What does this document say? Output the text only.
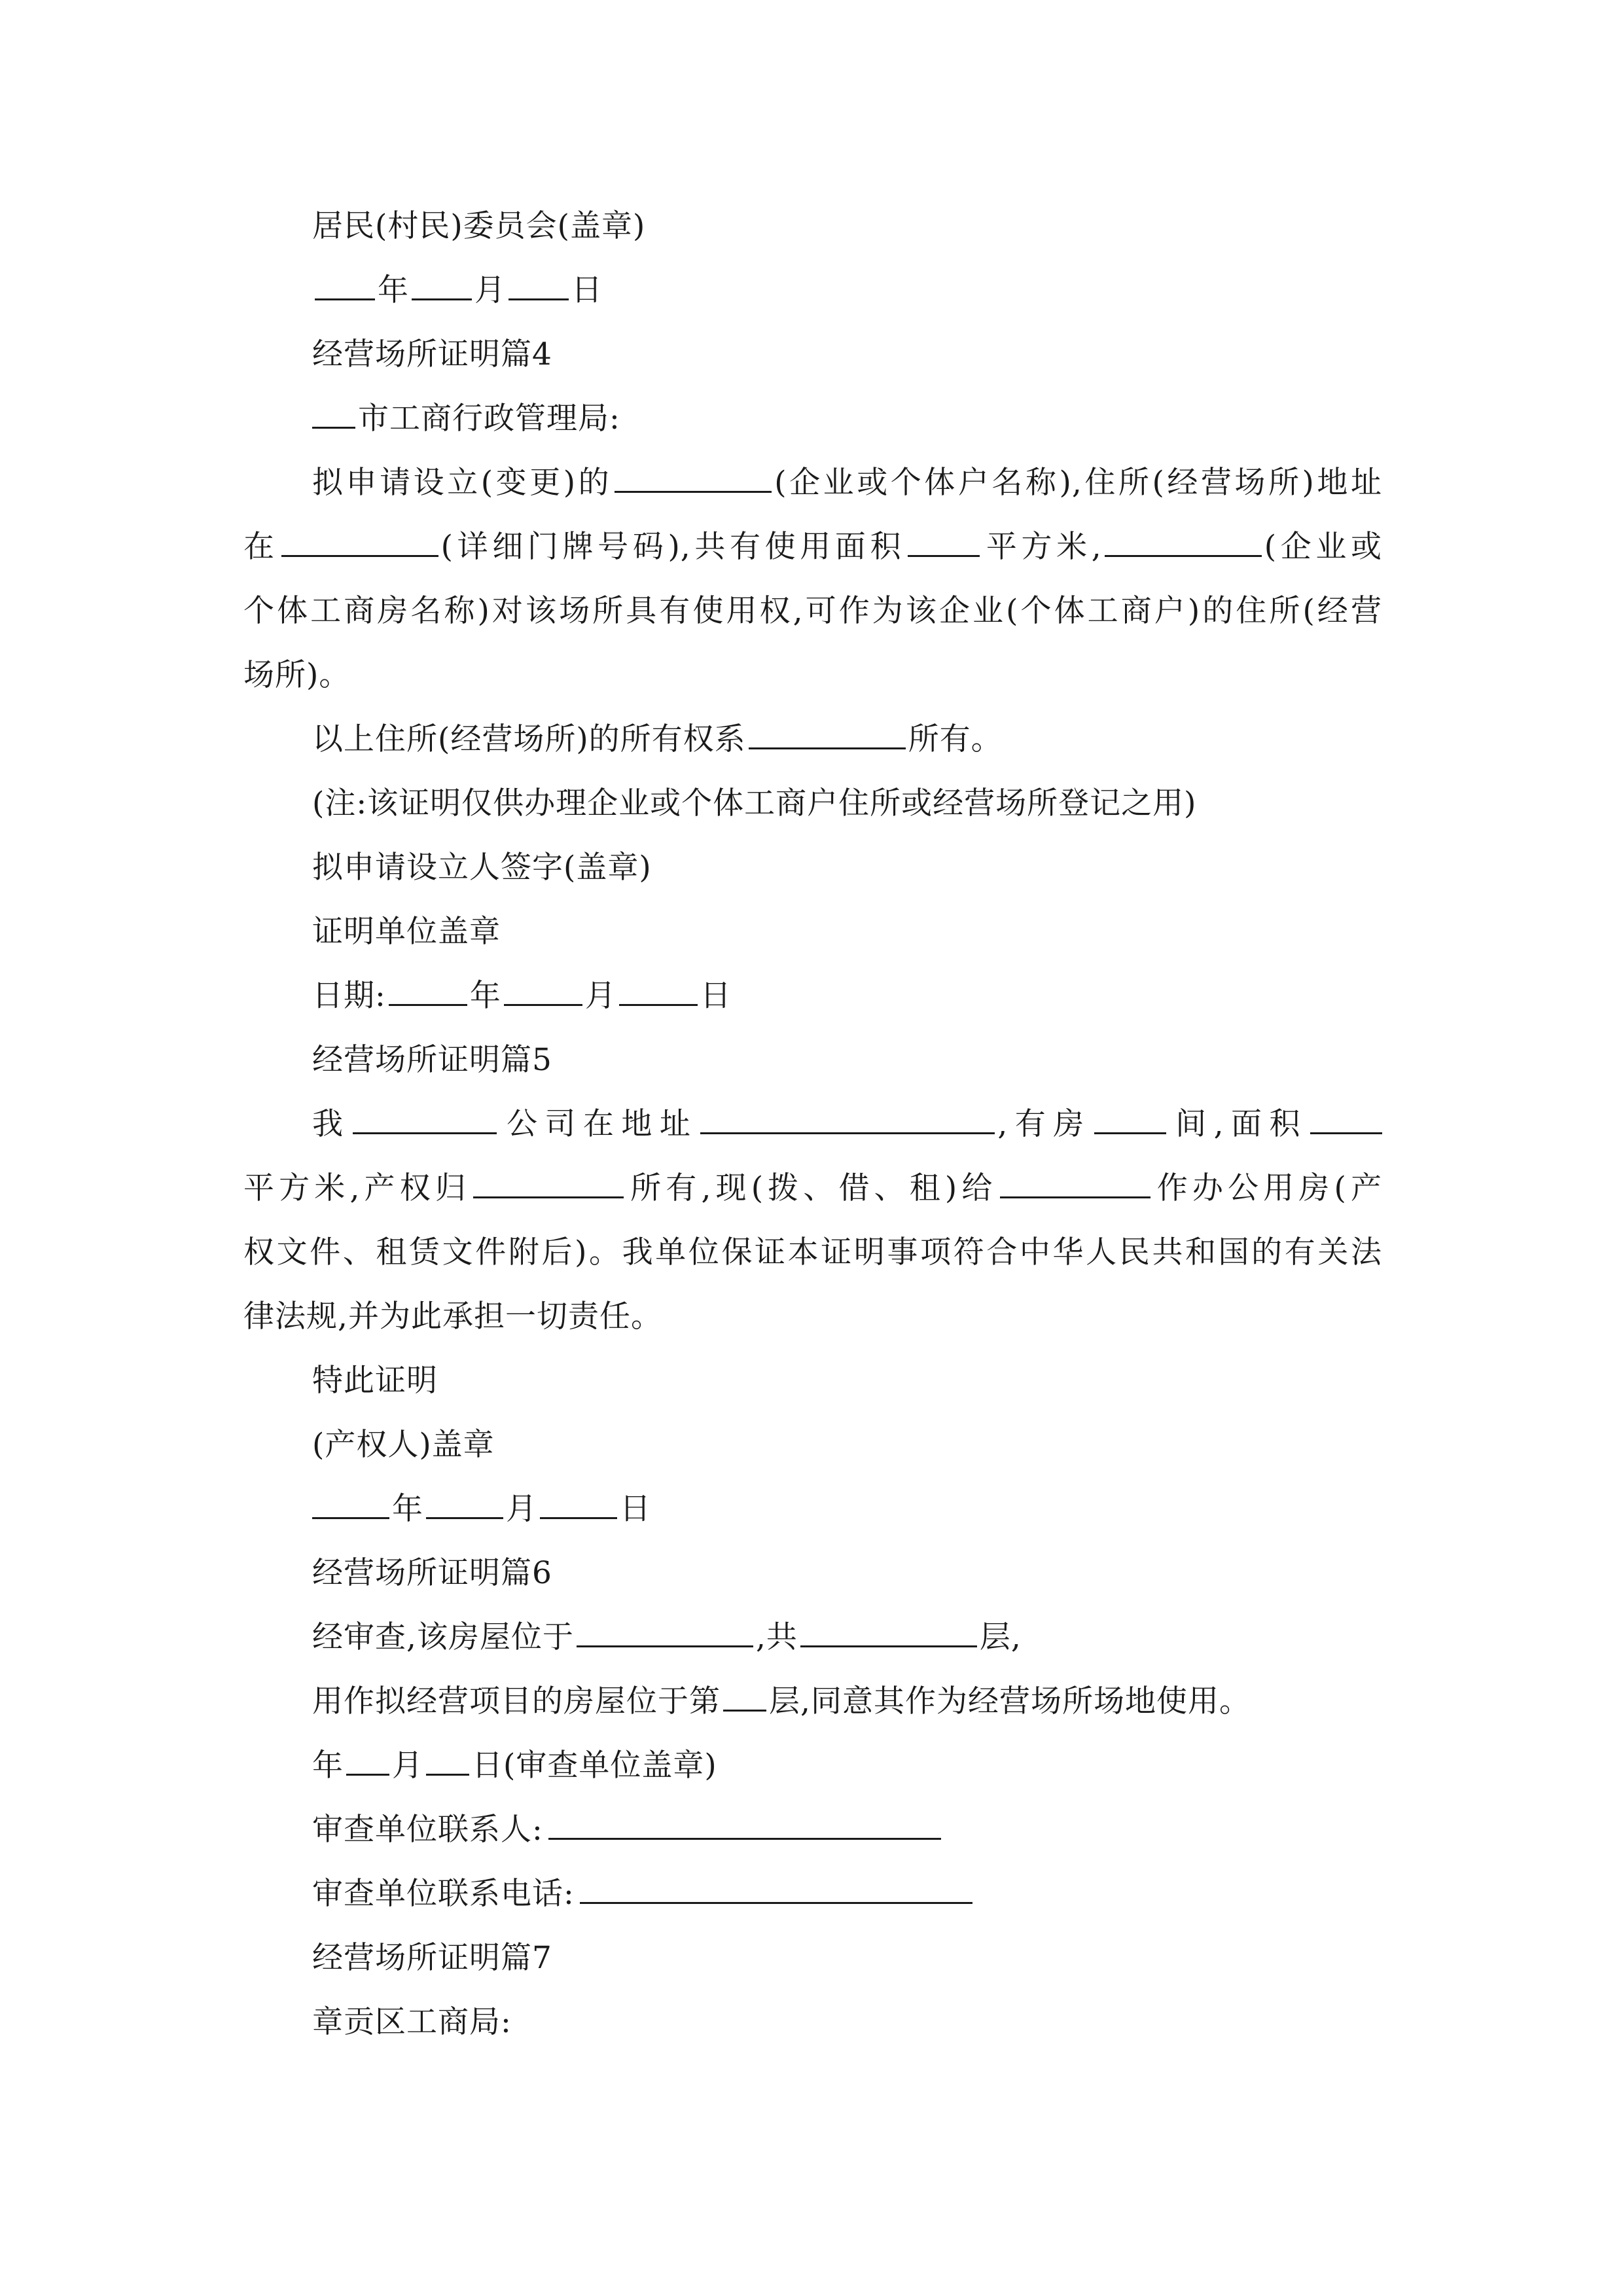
居民(村民)委员会(盖章)
年 月 日
经营场所证明篇4
市工商行政管理局:
拟申请设立(变更)的	(企业或个体户名称),住所(经营场所)地址
在	(详细门牌号码),共有使用面积	平方米,	(企业或
个体工商房名称)对该场所具有使用权,可作为该企业(个体工商户)的住所(经营
场所)。
以上住所(经营场所)的所有权系	所有。
(注:该证明仅供办理企业或个体工商户住所或经营场所登记之用)
拟申请设立人签字(盖章)
证明单位盖章
日期:	年	月	日
经营场所证明篇5
我	公司在地址	,有房	间,面积
平方米,产权归	所有,现(拨、借、租)给	作办公用房(产
权文件、租赁文件附后)。我单位保证本证明事项符合中华人民共和国的有关法
律法规,并为此承担一切责任。
特此证明
(产权人)盖章
年	月	日
经营场所证明篇6
经审查,该房屋位于	,共	层,
用作拟经营项目的房屋位于第 层,同意其作为经营场所场地使用。
年 月 日(审查单位盖章)
审查单位联系人:
审查单位联系电话:
经营场所证明篇7
章贡区工商局:
